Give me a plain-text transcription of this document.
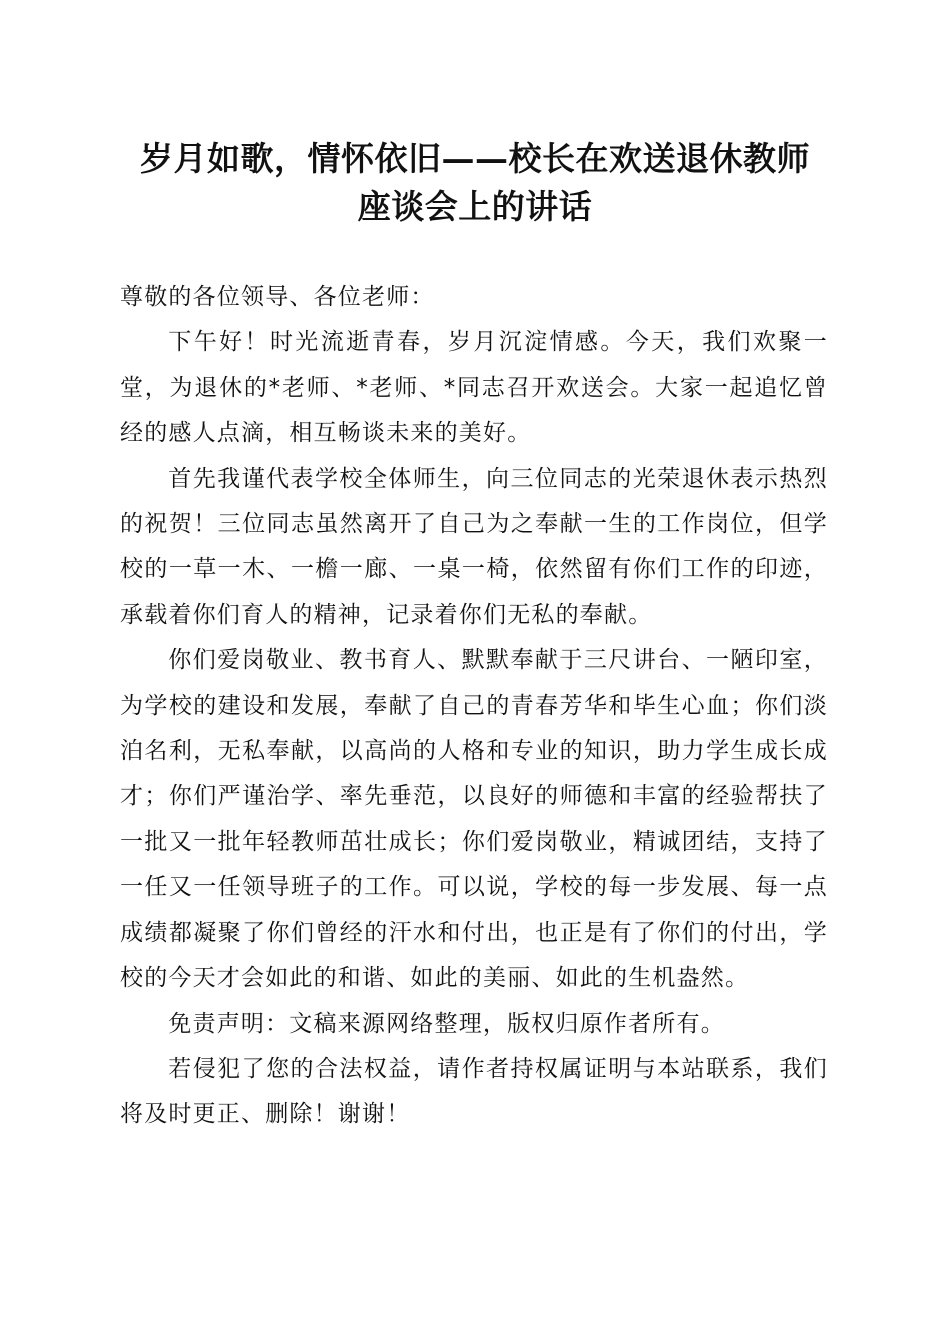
岁月如歌，情怀依旧——校长在欢送退休教师
座谈会上的讲话

尊敬的各位领导、各位老师：

下午好！时光流逝青春，岁月沉淀情感。今天，我们欢聚一堂，为退休的*老师、*老师、*同志召开欢送会。大家一起追忆曾经的感人点滴，相互畅谈未来的美好。

首先我谨代表学校全体师生，向三位同志的光荣退休表示热烈的祝贺！三位同志虽然离开了自己为之奉献一生的工作岗位，但学校的一草一木、一檐一廊、一桌一椅，依然留有你们工作的印迹，承载着你们育人的精神，记录着你们无私的奉献。

你们爱岗敬业、教书育人、默默奉献于三尺讲台、一陋印室，为学校的建设和发展，奉献了自己的青春芳华和毕生心血；你们淡泊名利，无私奉献，以高尚的人格和专业的知识，助力学生成长成才；你们严谨治学、率先垂范，以良好的师德和丰富的经验帮扶了一批又一批年轻教师茁壮成长；你们爱岗敬业，精诚团结，支持了一任又一任领导班子的工作。可以说，学校的每一步发展、每一点成绩都凝聚了你们曾经的汗水和付出，也正是有了你们的付出，学校的今天才会如此的和谐、如此的美丽、如此的生机盎然。

免责声明：文稿来源网络整理，版权归原作者所有。

若侵犯了您的合法权益，请作者持权属证明与本站联系，我们将及时更正、删除！谢谢！
